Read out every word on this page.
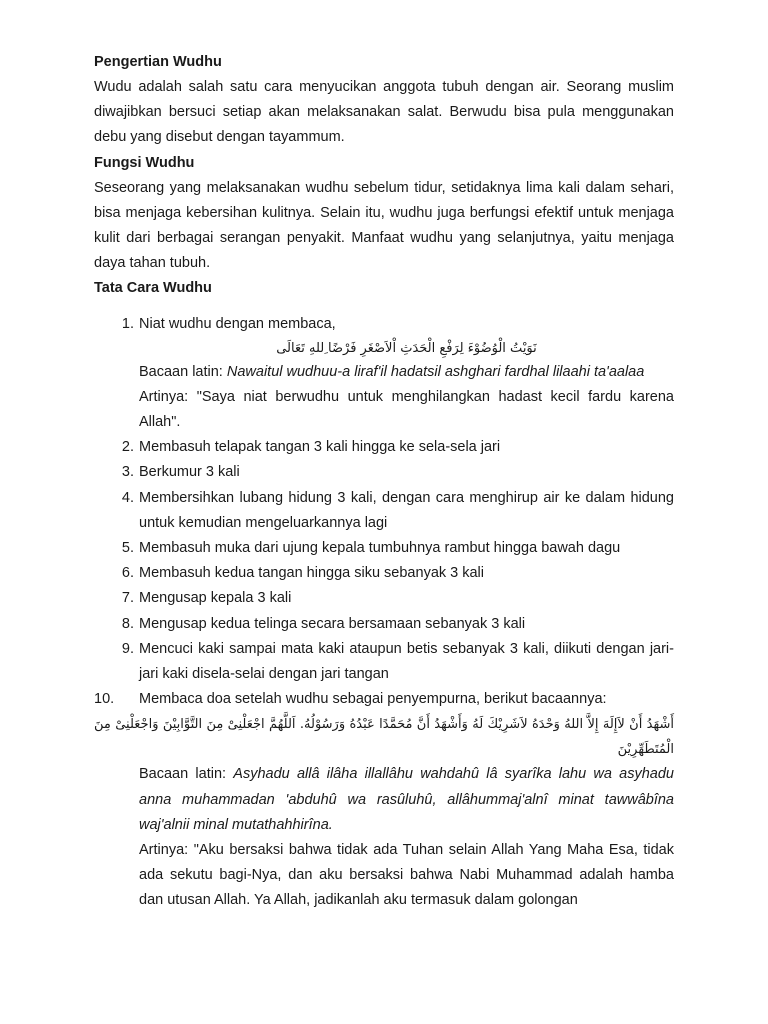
Pengertian Wudhu

Wudu adalah salah satu cara menyucikan anggota tubuh dengan air. Seorang muslim diwajibkan bersuci setiap akan melaksanakan salat. Berwudu bisa pula menggunakan debu yang disebut dengan tayammum.

Fungsi Wudhu

Seseorang yang melaksanakan wudhu sebelum tidur, setidaknya lima kali dalam sehari, bisa menjaga kebersihan kulitnya. Selain itu, wudhu juga berfungsi efektif untuk menjaga kulit dari berbagai serangan penyakit. Manfaat wudhu yang selanjutnya, yaitu menjaga daya tahan tubuh.

Tata Cara Wudhu
1. Niat wudhu dengan membaca,
نَوَيْتُ الْوُضُوْءَ لِرَفْعِ الْحَدَثِ اْلاَصْغَرِ فَرْضًا ِللهِ تَعَالَى
Bacaan latin: Nawaitul wudhuu-a liraf'il hadatsil ashghari fardhal lilaahi ta'aalaa
Artinya: "Saya niat berwudhu untuk menghilangkan hadast kecil fardu karena Allah".
2. Membasuh telapak tangan 3 kali hingga ke sela-sela jari
3. Berkumur 3 kali
4. Membersihkan lubang hidung 3 kali, dengan cara menghirup air ke dalam hidung untuk kemudian mengeluarkannya lagi
5. Membasuh muka dari ujung kepala tumbuhnya rambut hingga bawah dagu
6. Membasuh kedua tangan hingga siku sebanyak 3 kali
7. Mengusap kepala 3 kali
8. Mengusap kedua telinga secara bersamaan sebanyak 3 kali
9. Mencuci kaki sampai mata kaki ataupun betis sebanyak 3 kali, diikuti dengan jari-jari kaki disela-selai dengan jari tangan
10.	Membaca doa setelah wudhu sebagai penyempurna, berikut bacaannya:
أَشْهَدُ أَنْ لاَإِلَهَ إِلاَّ اللهُ وَحْدَهُ لاَشَرِيْكَ لَهُ وَأَشْهَدُ أَنَّ مُحَمَّدًا عَبْدُهُ وَرَسُوْلُهُ. اَللَّهُمَّ اجْعَلْنِىْ مِنَ التَّوَّابِيْنَ وَاجْعَلْنِىْ مِنَ الْمُتَطَهِّرِيْنَ
Bacaan latin: Asyhadu allâ ilâha illallâhu wahdahû lâ syarîka lahu wa asyhadu anna muhammadan 'abduhû wa rasûluhû, allâhummaj'alnî minat tawwâbîna waj'alnii minal mutathahhirîna.
Artinya: "Aku bersaksi bahwa tidak ada Tuhan selain Allah Yang Maha Esa, tidak ada sekutu bagi-Nya, dan aku bersaksi bahwa Nabi Muhammad adalah hamba dan utusan Allah. Ya Allah, jadikanlah aku termasuk dalam golongan
